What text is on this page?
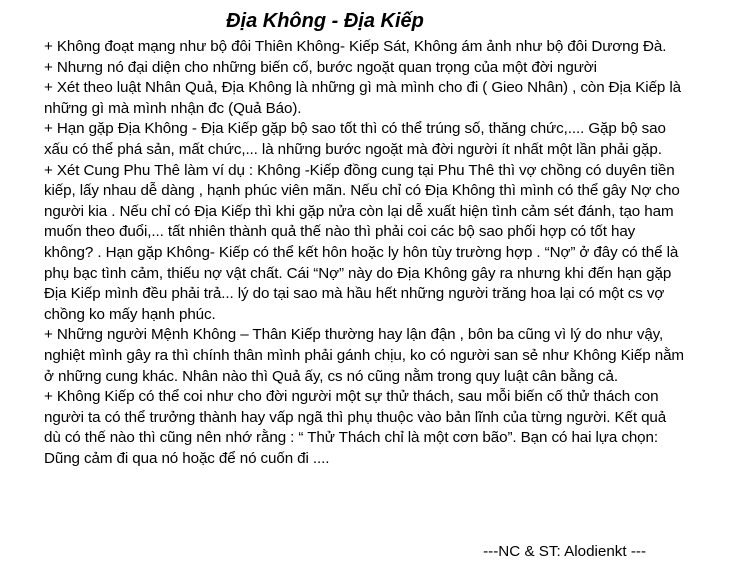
Địa Không - Địa Kiếp

+ Không đoạt mạng như bộ đôi Thiên Không- Kiếp Sát, Không ám ảnh như bộ đôi Dương Đà.

+ Nhưng nó đại diện cho những biến cố, bước ngoặt quan trọng của một đời người

+ Xét theo luật Nhân Quả, Địa Không là những gì mà mình cho đi ( Gieo Nhân) , còn Địa Kiếp là những gì mà mình nhận đc (Quả Báo).

+ Hạn gặp Địa Không - Địa Kiếp gặp bộ sao tốt thì có thể trúng số, thăng chức,.... Gặp bộ sao xấu có thể phá sản, mất chức,... là những bước ngoặt mà đời người ít nhất một lần phải gặp.

+ Xét Cung Phu Thê làm ví dụ : Không -Kiếp đồng cung tại Phu Thê thì vợ chồng có duyên tiền kiếp, lấy nhau dễ dàng , hạnh phúc viên mãn. Nếu chỉ có Địa Không thì mình có thể gây Nợ cho người kia . Nếu chỉ có Địa Kiếp thì khi gặp nửa còn lại dễ xuất hiện tình cảm sét đánh, tạo ham muốn theo đuổi,... tất nhiên thành quả thế nào thì phải coi các bộ sao phối hợp có tốt hay không? . Hạn gặp Không- Kiếp có thể kết hôn hoặc ly hôn tùy trường hợp . “Nợ” ở đây có thể là phụ bạc tình cảm, thiếu nợ vật chất. Cái “Nợ” này do Địa Không gây ra nhưng khi đến hạn gặp Địa Kiếp mình đều phải trả... lý do tại sao mà hầu hết những người trăng hoa lại có một cs vợ chồng ko mấy hạnh phúc.

+ Những người Mệnh Không – Thân Kiếp thường hay lận đận , bôn ba cũng vì lý do như vậy, nghiệt mình gây ra thì chính thân mình phải gánh chịu, ko có người san sẻ như Không Kiếp nằm ở những cung khác. Nhân nào thì Quả ấy, cs nó cũng nằm trong quy luật cân bằng cả.

+ Không Kiếp có thể coi như cho đời người một sự thử thách, sau mỗi biến cố thử thách con người ta có thể trưởng thành hay vấp ngã thì phụ thuộc vào bản lĩnh của từng người. Kết quả dù có thế nào thì cũng nên nhớ rằng : “ Thử Thách chỉ là một cơn bão”. Bạn có hai lựa chọn: Dũng cảm đi qua nó hoặc để nó cuốn đi ....

---NC & ST: Alodienkt ---
